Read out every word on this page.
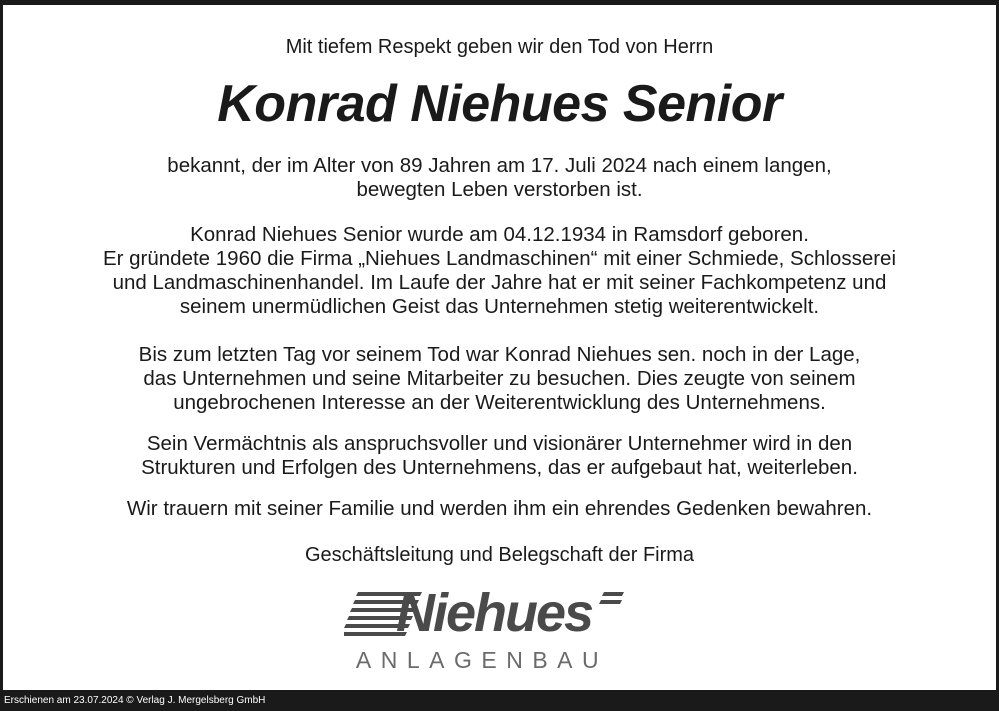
Mit tiefem Respekt geben wir den Tod von Herrn
Konrad Niehues Senior
bekannt, der im Alter von 89 Jahren am 17. Juli 2024 nach einem langen,
bewegten Leben verstorben ist.
Konrad Niehues Senior wurde am 04.12.1934 in Ramsdorf geboren.
Er gründete 1960 die Firma „Niehues Landmaschinen“ mit einer Schmiede, Schlosserei
und Landmaschinenhandel. Im Laufe der Jahre hat er mit seiner Fachkompetenz und
seinem unermüdlichen Geist das Unternehmen stetig weiterentwickelt.
Bis zum letzten Tag vor seinem Tod war Konrad Niehues sen. noch in der Lage,
das Unternehmen und seine Mitarbeiter zu besuchen. Dies zeugte von seinem
ungebrochenen Interesse an der Weiterentwicklung des Unternehmens.
Sein Vermächtnis als anspruchsvoller und visionärer Unternehmer wird in den
Strukturen und Erfolgen des Unternehmens, das er aufgebaut hat, weiterleben.
Wir trauern mit seiner Familie und werden ihm ein ehrendes Gedenken bewahren.
Geschäftsleitung und Belegschaft der Firma
Niehues
ANLAGENBAU
Erschienen am 23.07.2024 © Verlag J. Mergelsberg GmbH
